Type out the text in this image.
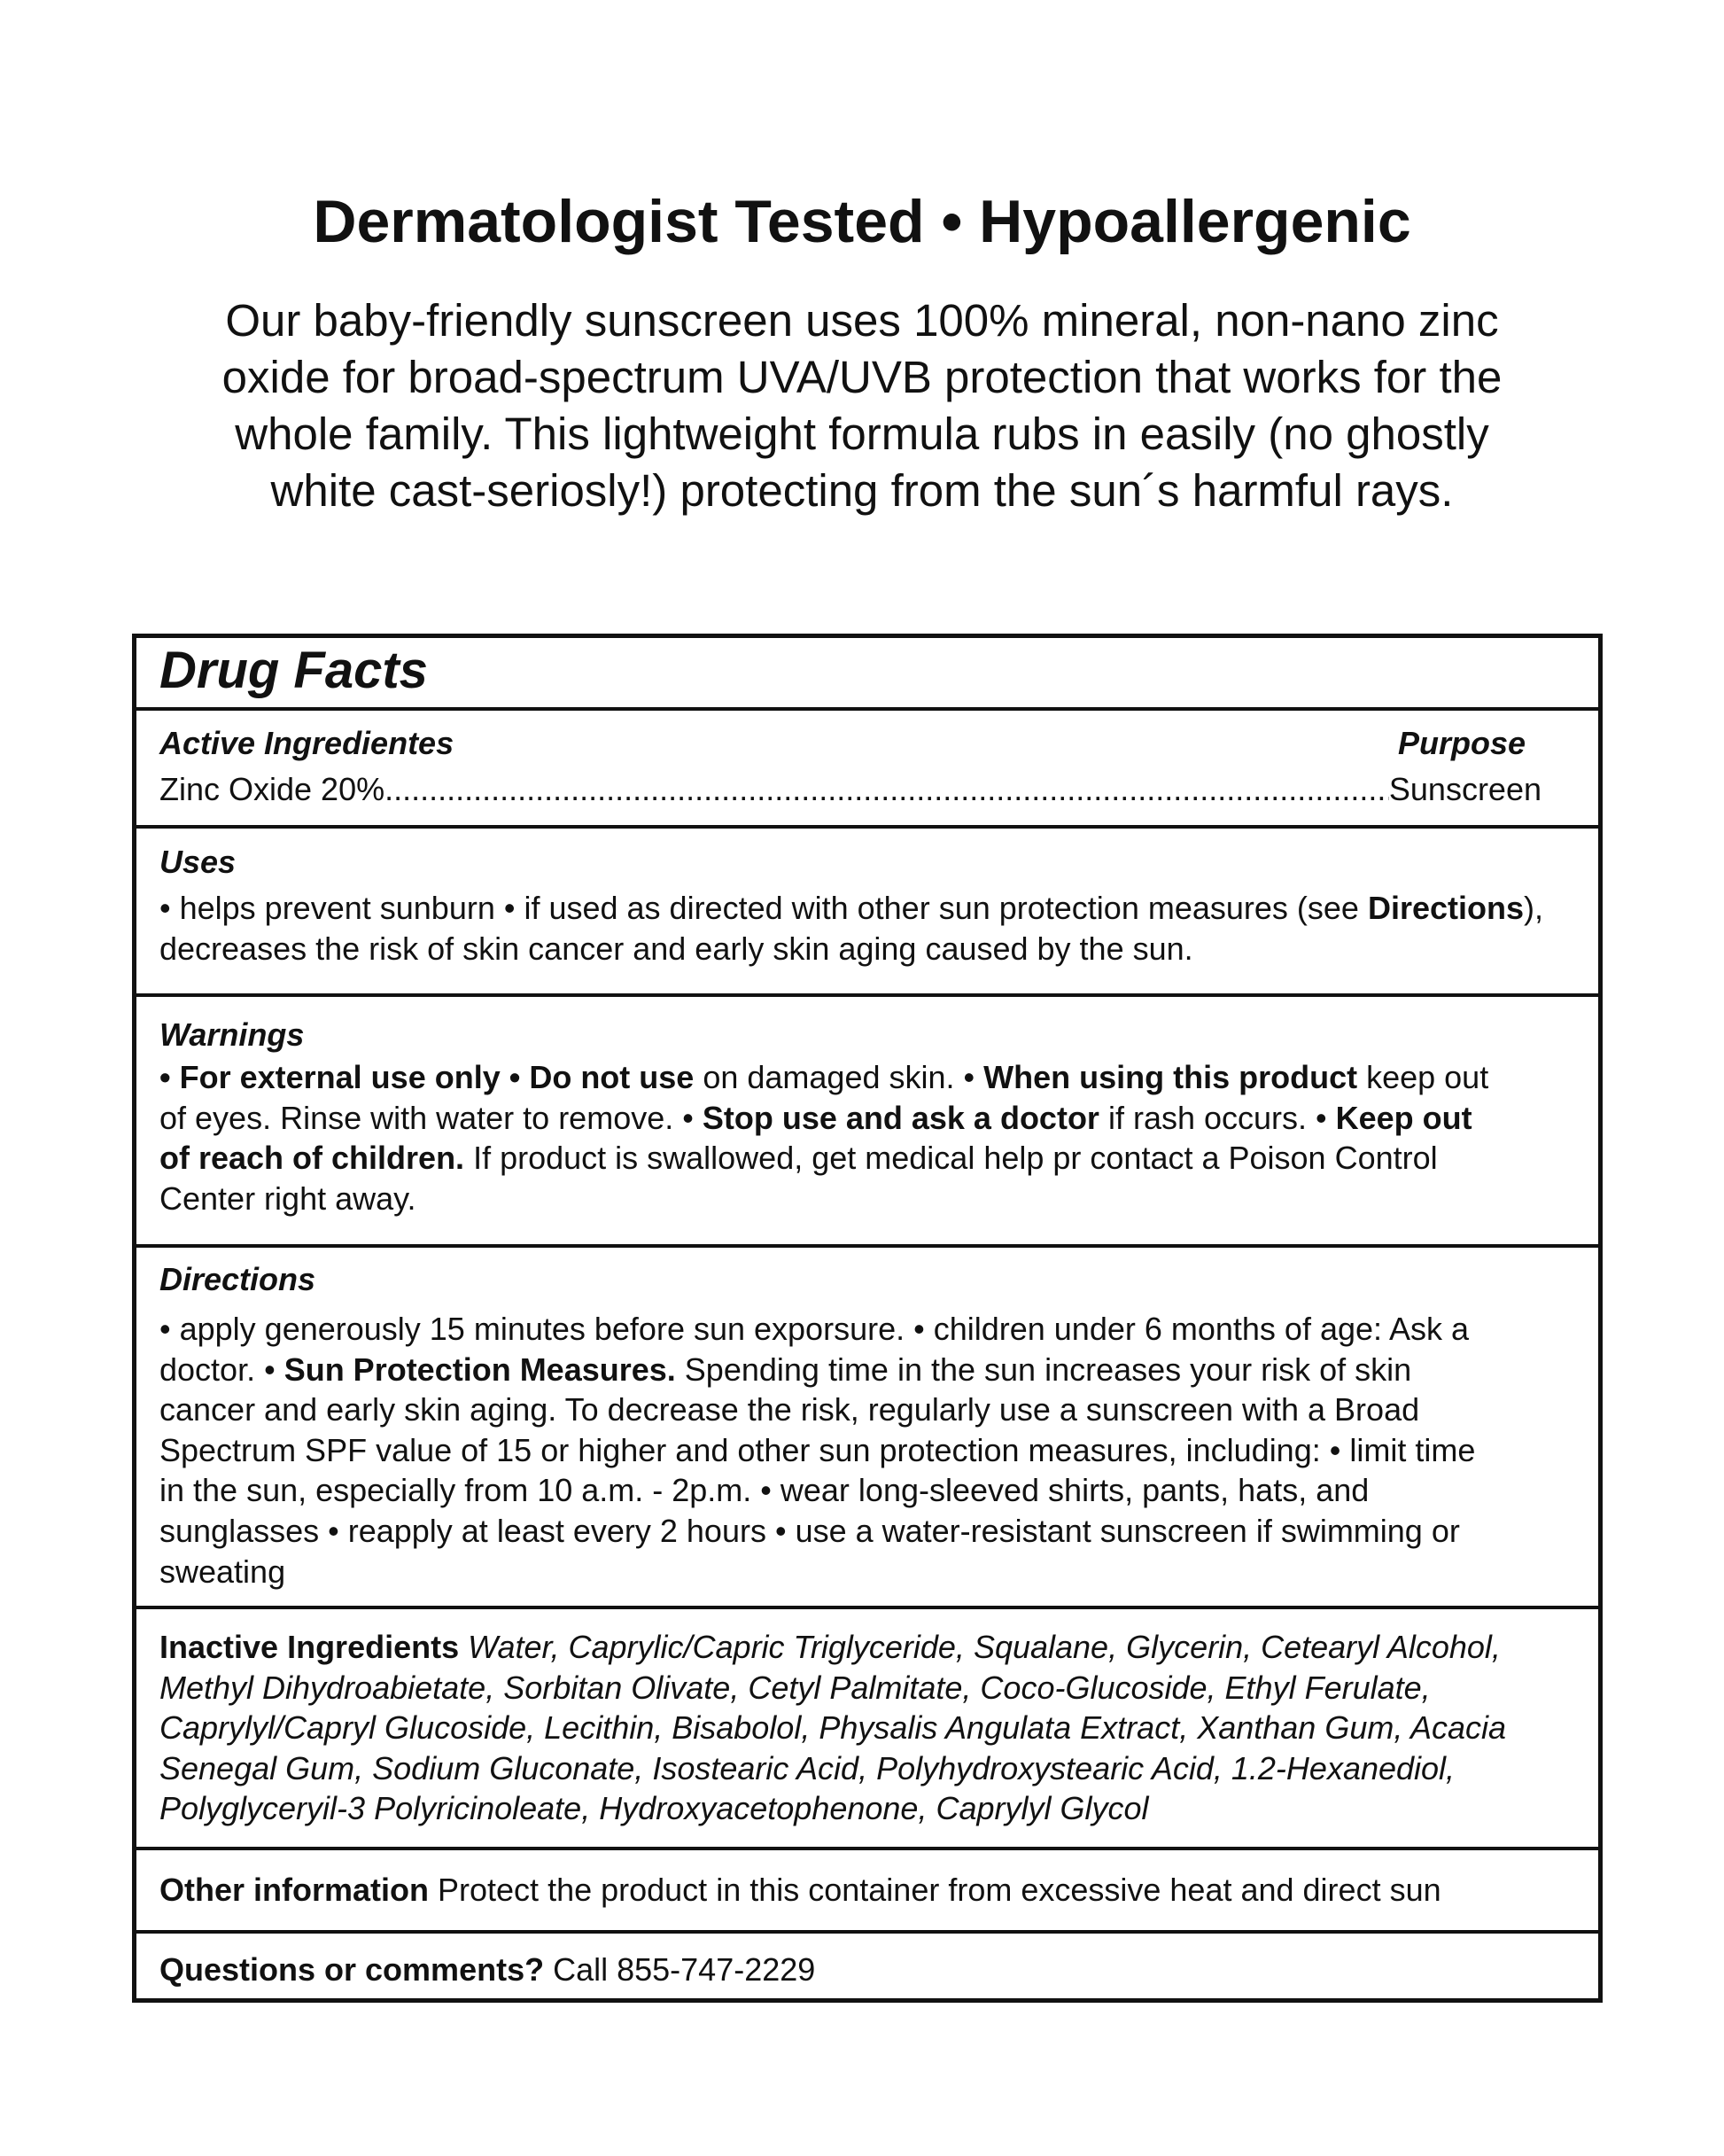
Dermatologist Tested • Hypoallergenic

Our baby-friendly sunscreen uses 100% mineral, non-nano zinc
oxide for broad-spectrum UVA/UVB protection that works for the
whole family. This lightweight formula rubs in easily (no ghostly
white cast-seriosly!) protecting from the sun´s harmful rays.

Drug Facts
Active Ingredientes	Purpose
Zinc Oxide 20%
.....	Sunscreen
Uses

• helps prevent sunburn • if used as directed with other sun protection measures (see Directions),
decreases the risk of skin cancer and early skin aging caused by the sun.

Warnings

• For external use only • Do not use on damaged skin. • When using this product keep out
of eyes. Rinse with water to remove. • Stop use and ask a doctor if rash occurs. • Keep out
of reach of children. If product is swallowed, get medical help pr contact a Poison Control
Center right away.

Directions

• apply generously 15 minutes before sun exporsure. • children under 6 months of age: Ask a
doctor. • Sun Protection Measures. Spending time in the sun increases your risk of skin
cancer and early skin aging. To decrease the risk, regularly use a sunscreen with a Broad
Spectrum SPF value of 15 or higher and other sun protection measures, including: • limit time
in the sun, especially from 10 a.m. - 2p.m. • wear long-sleeved shirts, pants, hats, and
sunglasses • reapply at least every 2 hours • use a water-resistant sunscreen if swimming or
sweating

Inactive Ingredients Water, Caprylic/Capric Triglyceride, Squalane, Glycerin, Cetearyl Alcohol,
Methyl Dihydroabietate, Sorbitan Olivate, Cetyl Palmitate, Coco-Glucoside, Ethyl Ferulate,
Caprylyl/Capryl Glucoside, Lecithin, Bisabolol, Physalis Angulata Extract, Xanthan Gum, Acacia
Senegal Gum, Sodium Gluconate, Isostearic Acid, Polyhydroxystearic Acid, 1.2-Hexanediol,
Polyglyceryil-3 Polyricinoleate, Hydroxyacetophenone, Caprylyl Glycol

Other information Protect the product in this container from excessive heat and direct sun

Questions or comments? Call 855-747-2229
